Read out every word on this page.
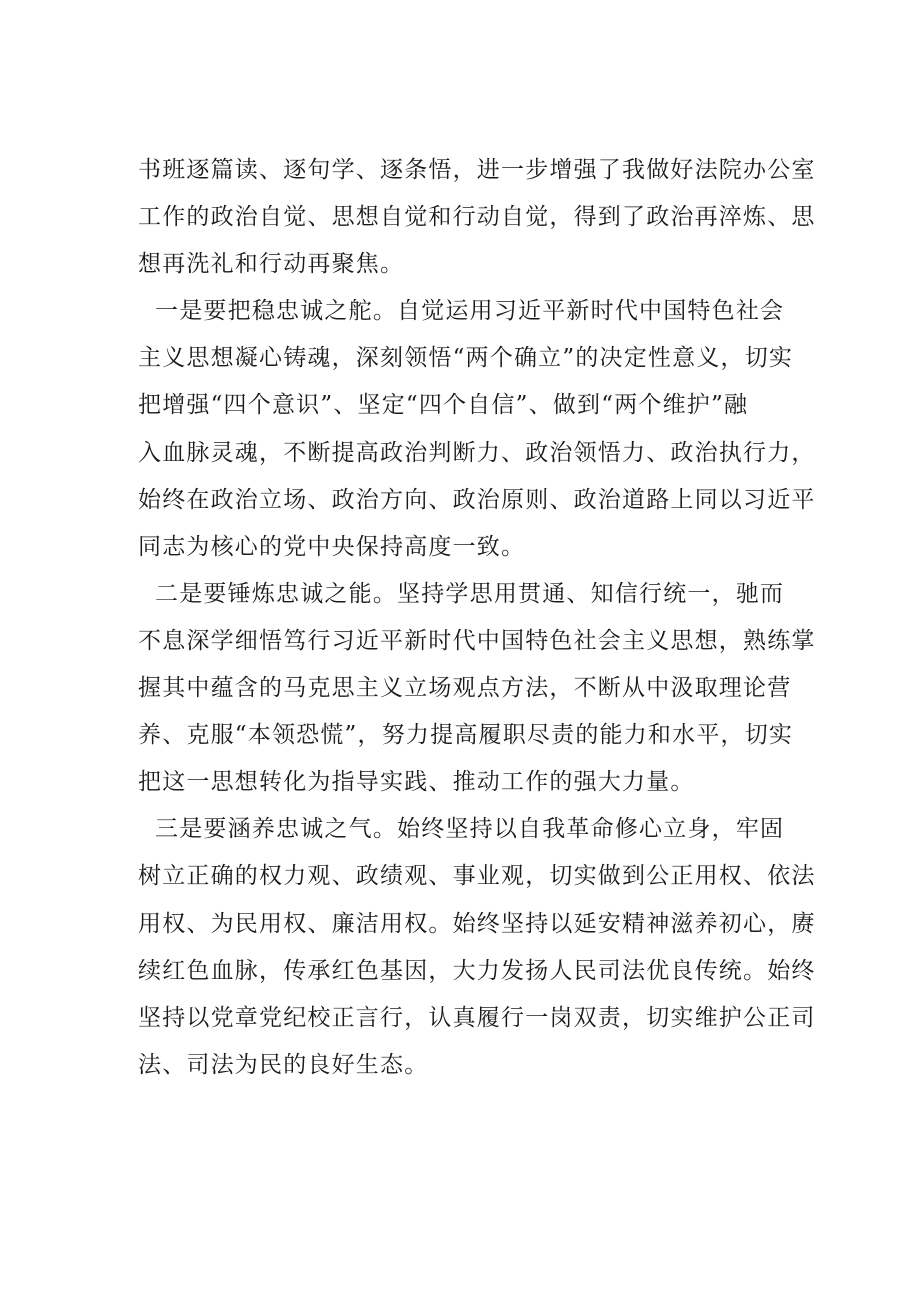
书班逐篇读、逐句学、逐条悟，进一步增强了我做好法院办公室
工作的政治自觉、思想自觉和行动自觉，得到了政治再淬炼、思
想再洗礼和行动再聚焦。
一是要把稳忠诚之舵。自觉运用习近平新时代中国特色社会
主义思想凝心铸魂，深刻领悟“两个确立”的决定性意义，切实
把增强“四个意识”、坚定“四个自信”、做到“两个维护”融
入血脉灵魂，不断提高政治判断力、政治领悟力、政治执行力，
始终在政治立场、政治方向、政治原则、政治道路上同以习近平
同志为核心的党中央保持高度一致。
二是要锤炼忠诚之能。坚持学思用贯通、知信行统一，驰而
不息深学细悟笃行习近平新时代中国特色社会主义思想，熟练掌
握其中蕴含的马克思主义立场观点方法，不断从中汲取理论营
养、克服“本领恐慌”，努力提高履职尽责的能力和水平，切实
把这一思想转化为指导实践、推动工作的强大力量。
三是要涵养忠诚之气。始终坚持以自我革命修心立身，牢固
树立正确的权力观、政绩观、事业观，切实做到公正用权、依法
用权、为民用权、廉洁用权。始终坚持以延安精神滋养初心，赓
续红色血脉，传承红色基因，大力发扬人民司法优良传统。始终
坚持以党章党纪校正言行，认真履行一岗双责，切实维护公正司
法、司法为民的良好生态。
